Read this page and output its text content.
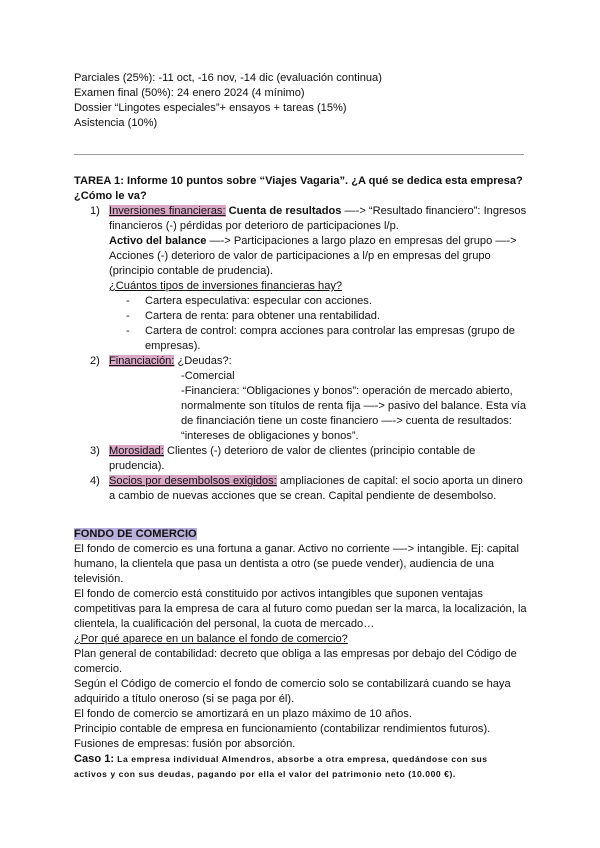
Parciales (25%): -11 oct, -16 nov, -14 dic (evaluación continua)
Examen final (50%): 24 enero 2024 (4 mínimo)
Dossier “Lingotes especiales”+ ensayos + tareas (15%)
Asistencia (10%)
TAREA 1: Informe 10 puntos sobre “Viajes Vagaria”. ¿A qué se dedica esta empresa?
¿Cómo le va?
1) Inversiones financieras: Cuenta de resultados —-> “Resultado financiero”: Ingresos
financieros (-) pérdidas por deterioro de participaciones l/p.
Activo del balance —-> Participaciones a largo plazo en empresas del grupo —->
Acciones (-) deterioro de valor de participaciones a l/p en empresas del grupo
(principio contable de prudencia).
¿Cuántos tipos de inversiones financieras hay?
- Cartera especulativa: especular con acciones.
- Cartera de renta: para obtener una rentabilidad.
- Cartera de control: compra acciones para controlar las empresas (grupo de
empresas).
2) Financiación: ¿Deudas?:
-Comercial
-Financiera: “Obligaciones y bonos”: operación de mercado abierto,
normalmente son títulos de renta fija —-> pasivo del balance. Esta vía
de financiación tiene un coste financiero —-> cuenta de resultados:
“intereses de obligaciones y bonos”.
3) Morosidad: Clientes (-) deterioro de valor de clientes (principio contable de
prudencia).
4) Socios por desembolsos exigidos: ampliaciones de capital: el socio aporta un dinero
a cambio de nuevas acciones que se crean. Capital pendiente de desembolso.
FONDO DE COMERCIO
El fondo de comercio es una fortuna a ganar. Activo no corriente —-> intangible. Ej: capital
humano, la clientela que pasa un dentista a otro (se puede vender), audiencia de una
televisión.
El fondo de comercio está constituido por activos intangibles que suponen ventajas
competitivas para la empresa de cara al futuro como puedan ser la marca, la localización, la
clientela, la cualificación del personal, la cuota de mercado…
¿Por qué aparece en un balance el fondo de comercio?
Plan general de contabilidad: decreto que obliga a las empresas por debajo del Código de
comercio.
Según el Código de comercio el fondo de comercio solo se contabilizará cuando se haya
adquirido a título oneroso (si se paga por él).
El fondo de comercio se amortizará en un plazo máximo de 10 años.
Principio contable de empresa en funcionamiento (contabilizar rendimientos futuros).
Fusiones de empresas: fusión por absorción.
Caso 1: La empresa individual Almendros, absorbe a otra empresa, quedándose con sus
activos y con sus deudas, pagando por ella el valor del patrimonio neto (10.000 €).
